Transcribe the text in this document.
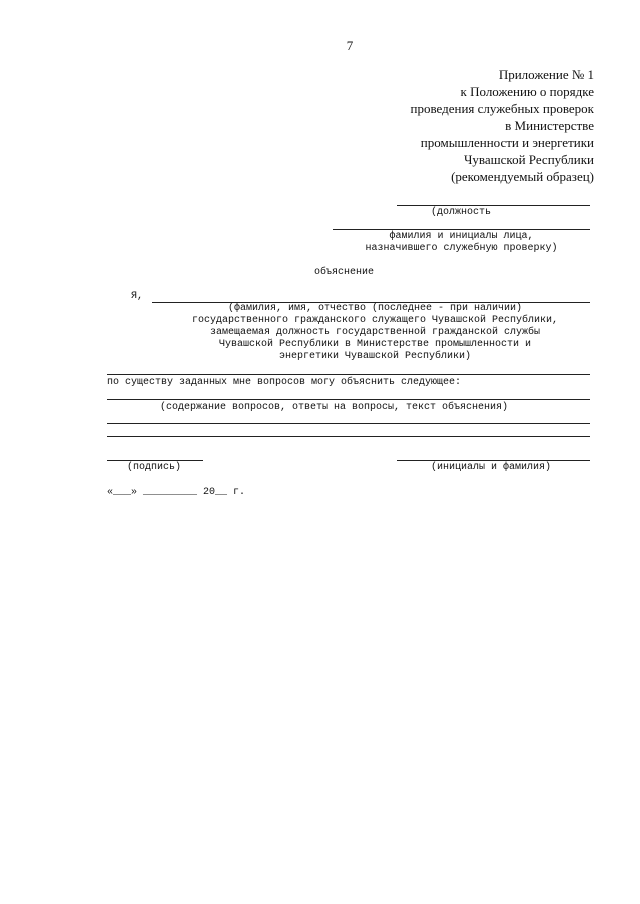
7
Приложение № 1
к Положению о порядке
проведения служебных проверок
в Министерстве
промышленности и энергетики
Чувашской Республики
(рекомендуемый образец)
(должность
фамилия и инициалы лица,
назначившего служебную проверку)
объяснение
Я,
(фамилия, имя, отчество (последнее - при наличии)
государственного гражданского служащего Чувашской Республики,
замещаемая должность государственной гражданской службы
Чувашской Республики в Министерстве промышленности и
энергетики Чувашской Республики)
по существу заданных мне вопросов могу объяснить следующее:
(содержание вопросов, ответы на вопросы, текст объяснения)
(подпись)	(инициалы и фамилия)
«___» _________ 20__ г.
